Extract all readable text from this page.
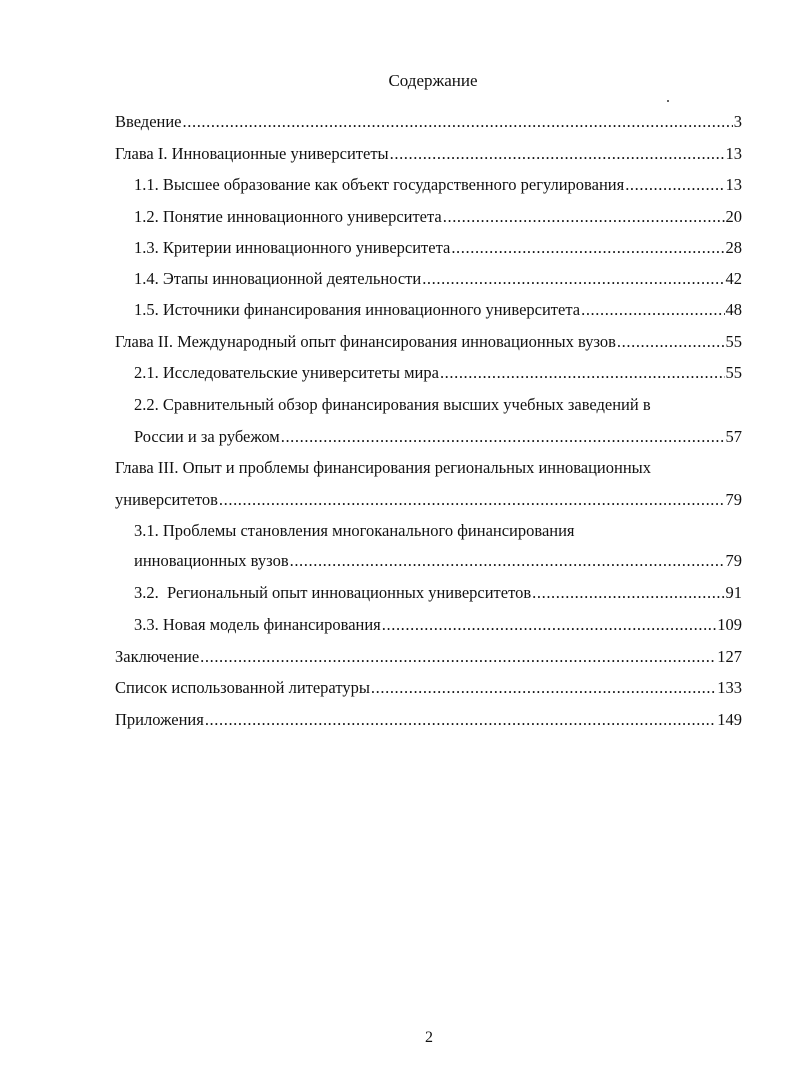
Содержание
Введение .....	3
Глава I. Инновационные университеты .....	13
1.1. Высшее образование как объект государственного регулирования .....	13
1.2. Понятие инновационного университета .....	20
1.3. Критерии инновационного университета .....	28
1.4. Этапы инновационной деятельности .....	42
1.5. Источники финансирования инновационного университета .....	48
Глава II. Международный опыт финансирования инновационных вузов .....	55
2.1. Исследовательские университеты мира .....	55
2.2. Сравнительный обзор финансирования высших учебных заведений в
России и за рубежом .....	57
Глава III. Опыт и проблемы финансирования региональных инновационных
университетов .....	79
3.1. Проблемы становления многоканального финансирования
инновационных вузов .....	79
3.2.  Региональный опыт инновационных университетов .....	91
3.3. Новая модель финансирования .....	109
Заключение .....	127
Список использованной литературы .....	133
Приложения .....	149
2
